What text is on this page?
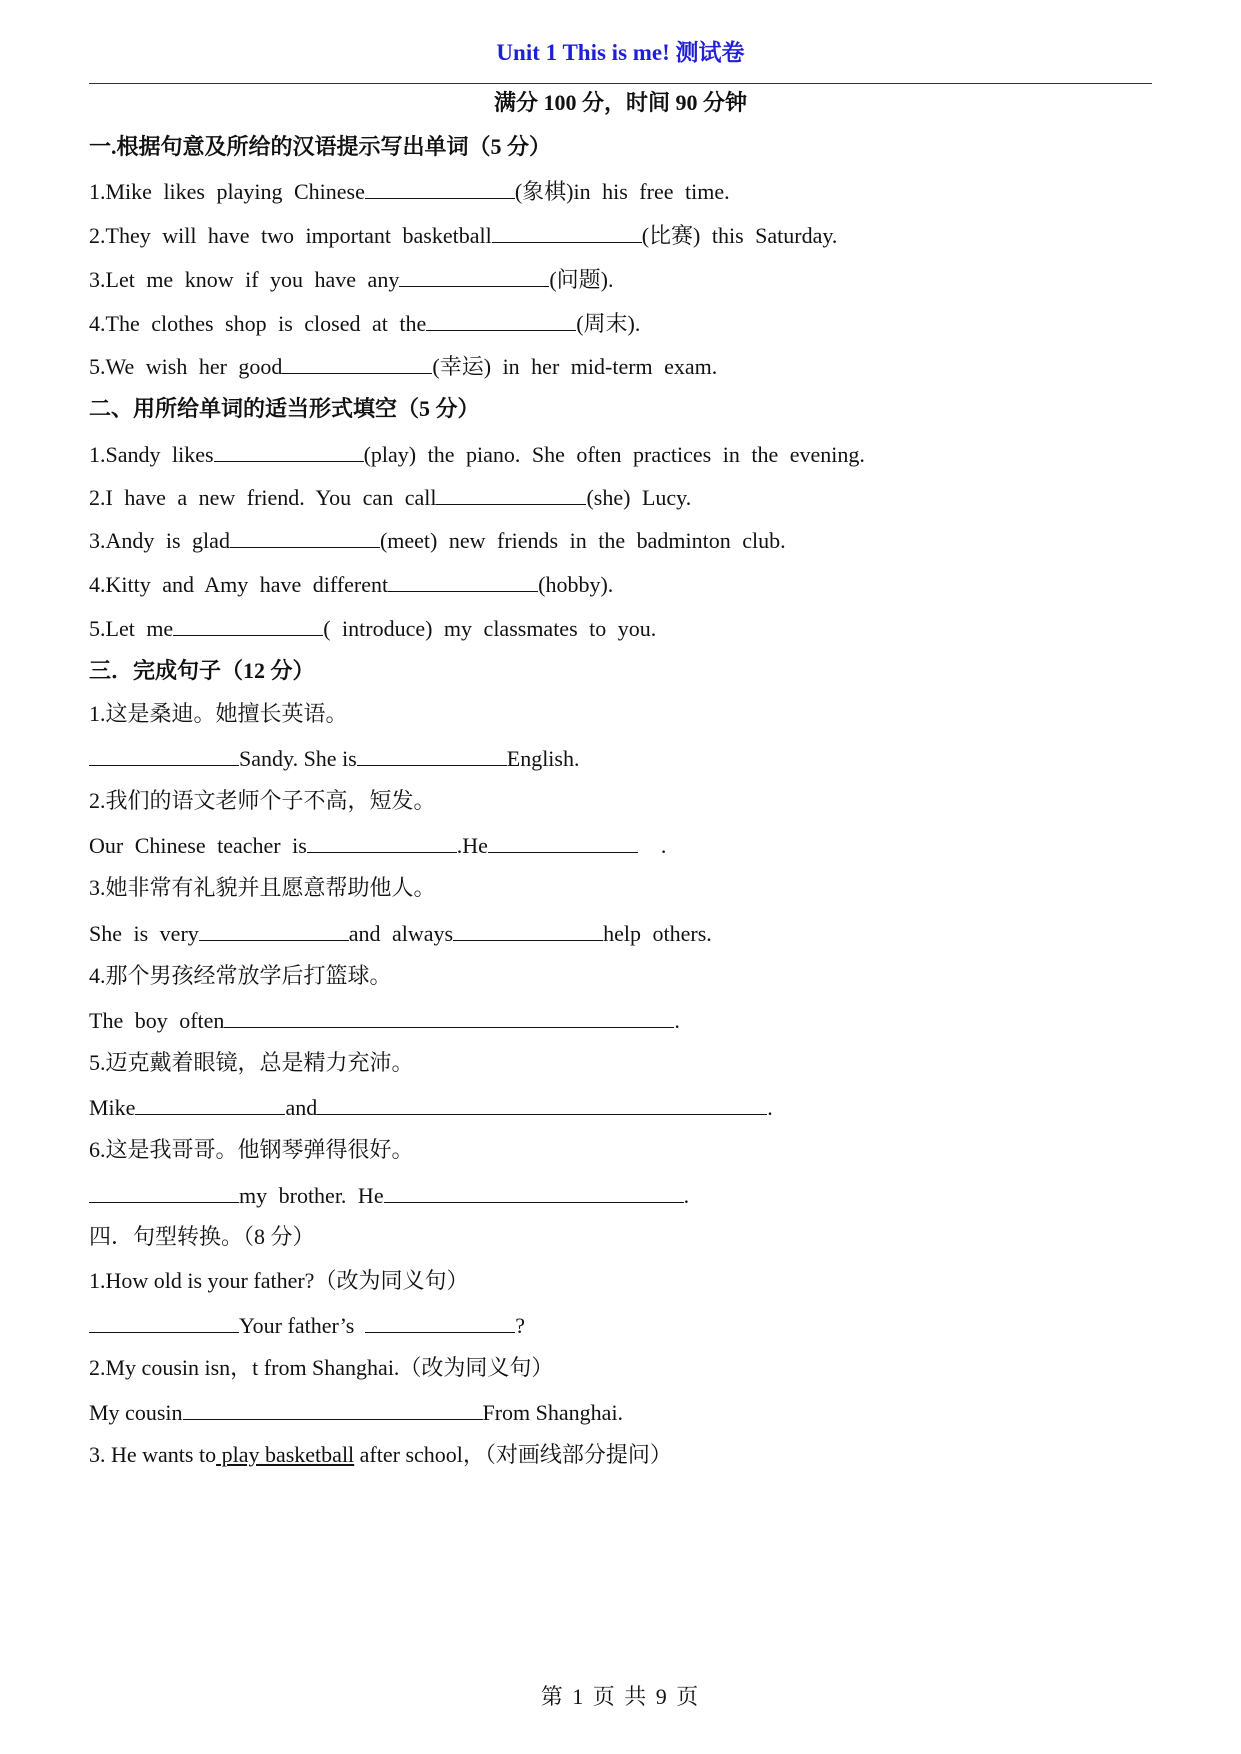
Unit 1 This is me! 测试卷
满分 100 分，时间 90 分钟
一.根据句意及所给的汉语提示写出单词（5 分）
1.Mike likes playing Chinese	(象棋)in his free time.
2.They will have two important basketball	(比赛) this Saturday.
3.Let me know if you have any	(问题).
4.The clothes shop is closed at the	(周末).
5.We wish her good	(幸运) in her mid-term exam.
二、用所给单词的适当形式填空（5 分）
1.Sandy likes	(play) the piano. She often practices in the evening.
2.I have a new friend. You can call	(she) Lucy.
3.Andy is glad	(meet) new friends in the badminton club.
4.Kitty and Amy have different	(hobby).
5.Let me	( introduce) my classmates to you.
三．完成句子（12 分）
1.这是桑迪。她擅长英语。
Sandy. She is	English.
2.我们的语文老师个子不高，短发。
Our Chinese teacher is	.He	.
3.她非常有礼貌并且愿意帮助他人。
She is very	and always	help others.
4.那个男孩经常放学后打篮球。
The boy often	.
5.迈克戴着眼镜，总是精力充沛。
Mike	and	.
6.这是我哥哥。他钢琴弹得很好。
my brother. He	.
四．句型转换。（8 分）
1.How old is your father?（改为同义句）
Your father’s	?
2.My cousin isn，t from Shanghai.（改为同义句）
My cousin	From Shanghai.
3. He wants to play basketball after school，（对画线部分提问）
第 1 页 共 9 页
